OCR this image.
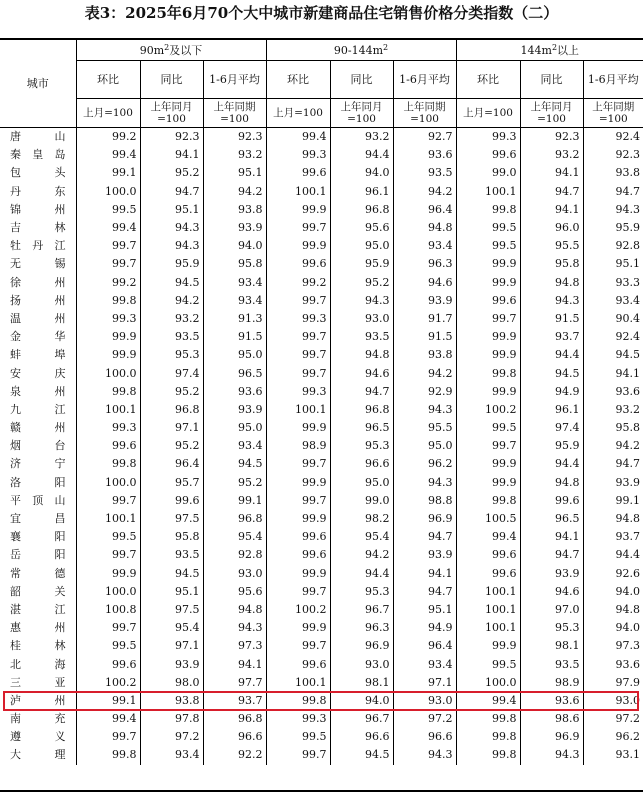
表3：2025年6月70个大中城市新建商品住宅销售价格分类指数（二）
城市	$90m^2$及以下			$90-144m^2$			$144m^2$以上		
	环比	同比	1-6月平均	环比	同比	1-6月平均	环比	同比	1-6月平均
	上月=100	上年同月=100	上年同期=100	上月=100	上年同月=100	上年同期=100	上月=100	上年同月=100	上年同期=100
唐山	99.2	92.3	92.3	99.4	93.2	92.7	99.3	92.3	92.4
秦皇岛	99.4	94.1	93.2	99.3	94.4	93.6	99.6	93.2	92.3
包头	99.1	95.2	95.1	99.6	94.0	93.5	99.0	94.1	93.8
丹东	100.0	94.7	94.2	100.1	96.1	94.2	100.1	94.7	94.7
锦州	99.5	95.1	93.8	99.9	96.8	96.4	99.8	94.1	94.3
吉林	99.4	94.3	93.9	99.7	95.6	94.8	99.5	96.0	95.9
牡丹江	99.7	94.3	94.0	99.9	95.0	93.4	99.5	95.5	92.8
无锡	99.7	95.9	95.8	99.6	95.9	96.3	99.9	95.8	95.1
徐州	99.2	94.5	93.4	99.2	95.2	94.6	99.9	94.8	93.3
扬州	99.8	94.2	93.4	99.7	94.3	93.9	99.6	94.3	93.4
温州	99.3	93.2	91.3	99.3	93.0	91.7	99.7	91.5	90.4
金华	99.9	93.5	91.5	99.7	93.5	91.5	99.9	93.7	92.4
蚌埠	99.9	95.3	95.0	99.7	94.8	93.8	99.9	94.4	94.5
安庆	100.0	97.4	96.5	99.7	94.6	94.2	99.8	94.5	94.1
泉州	99.8	95.2	93.6	99.3	94.7	92.9	99.9	94.9	93.6
九江	100.1	96.8	93.9	100.1	96.8	94.3	100.2	96.1	93.2
赣州	99.3	97.1	95.0	99.9	96.5	95.5	99.5	97.4	95.8
烟台	99.6	95.2	93.4	98.9	95.3	95.0	99.7	95.9	94.2
济宁	99.8	96.4	94.5	99.7	96.6	96.2	99.9	94.4	94.7
洛阳	100.0	95.7	95.2	99.9	95.0	94.3	99.9	94.8	93.9
平顶山	99.7	99.6	99.1	99.7	99.0	98.8	99.8	99.6	99.1
宜昌	100.1	97.5	96.8	99.9	98.2	96.9	100.5	96.5	94.8
襄阳	99.5	95.8	95.4	99.6	95.4	94.7	99.4	94.1	93.7
岳阳	99.7	93.5	92.8	99.6	94.2	93.9	99.6	94.7	94.4
常德	99.9	94.5	93.0	99.9	94.4	94.1	99.6	93.9	92.6
韶关	100.0	95.1	95.6	99.7	95.3	94.7	100.1	94.6	94.0
湛江	100.8	97.5	94.8	100.2	96.7	95.1	100.1	97.0	94.8
惠州	99.7	95.4	94.3	99.9	96.3	94.9	100.1	95.3	94.0
桂林	99.5	97.1	97.3	99.7	96.9	96.4	99.9	98.1	97.3
北海	99.6	93.9	94.1	99.6	93.0	93.4	99.5	93.5	93.6
三亚	100.2	98.0	97.7	100.1	98.1	97.1	100.0	98.9	97.9
泸州	99.1	93.8	93.7	99.8	94.0	93.0	99.4	93.6	93.0
南充	99.4	97.8	96.8	99.3	96.7	97.2	99.8	98.6	97.2
遵义	99.7	97.2	96.6	99.5	96.6	96.6	99.8	96.9	96.2
大理	99.8	93.4	92.2	99.7	94.5	94.3	99.8	94.3	93.1
